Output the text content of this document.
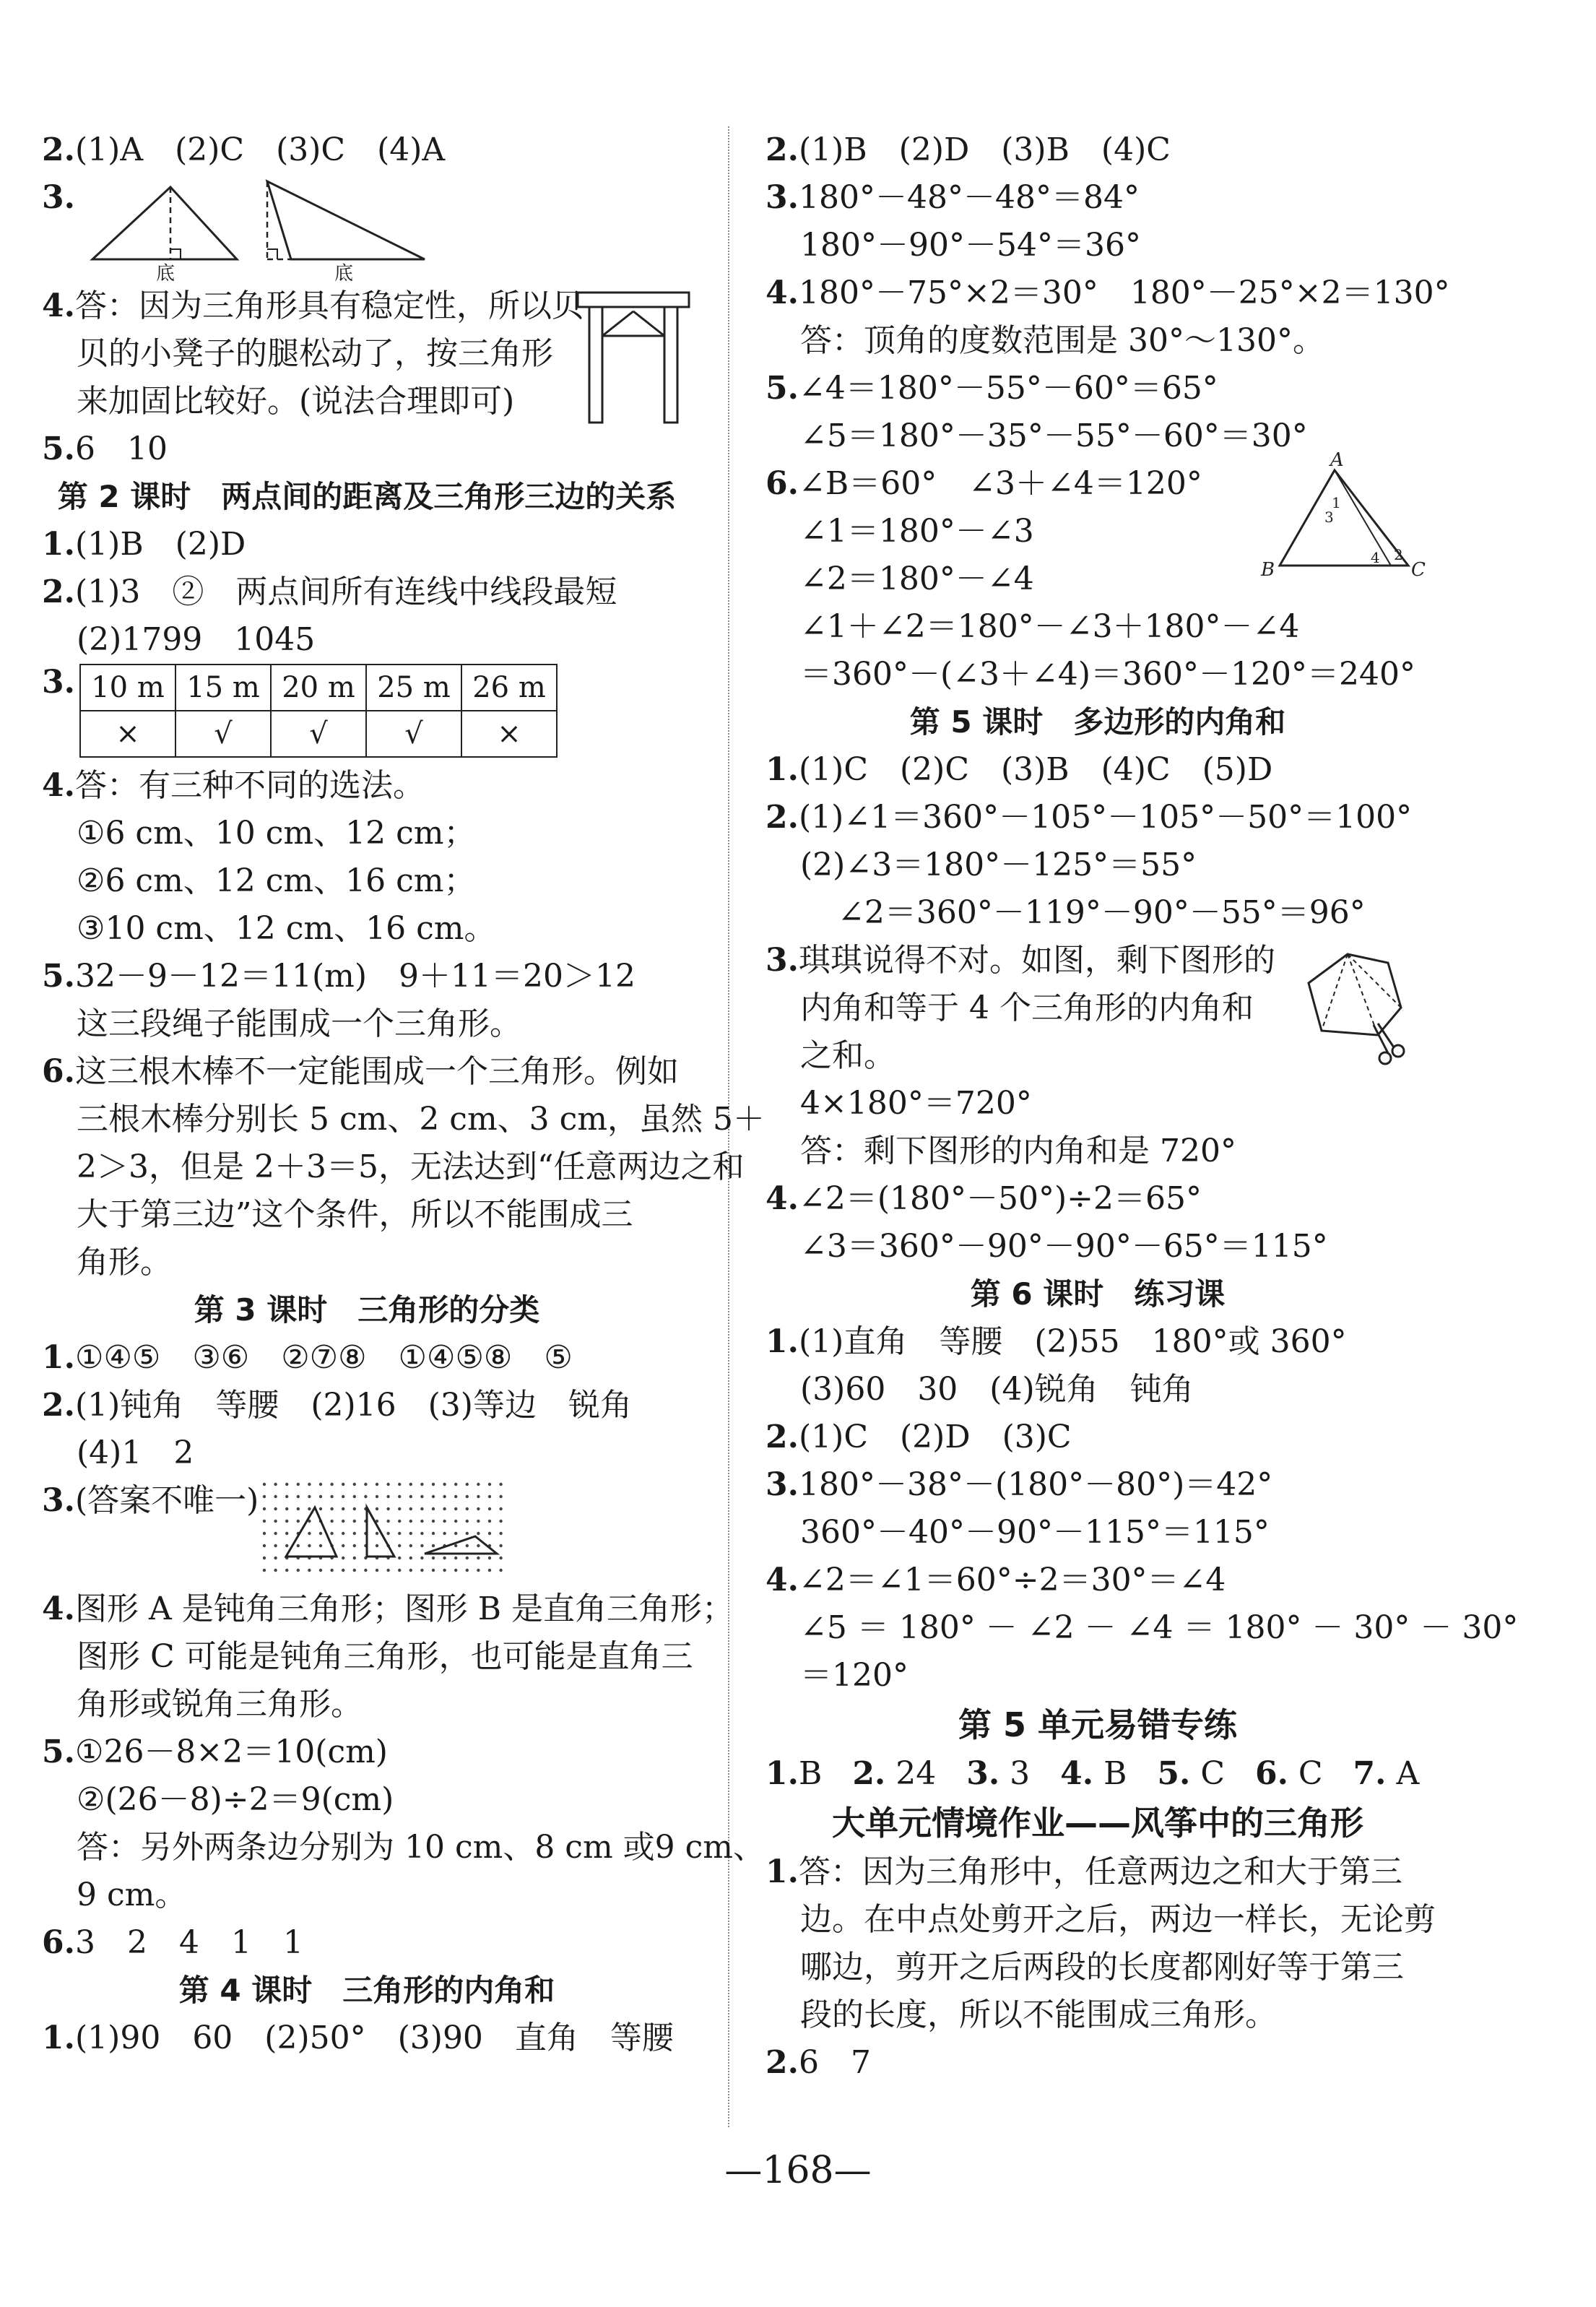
2.(1)A　(2)C　(3)C　(4)A
3.
底	底
4.答：因为三角形具有稳定性，所以贝
贝的小凳子的腿松动了，按三角形
来加固比较好。(说法合理即可)
5.6　10
第 2 课时　两点间的距离及三角形三边的关系
1.(1)B　(2)D
2.(1)3　②　两点间所有连线中线段最短
(2)1799　1045
3. 10 m	15 m	20 m	25 m	26 m
×	√	√	√	×
4.答：有三种不同的选法。
①6 cm、10 cm、12 cm；
②6 cm、12 cm、16 cm；
③10 cm、12 cm、16 cm。
5.32－9－12＝11(m)　9＋11＝20＞12
这三段绳子能围成一个三角形。
6.这三根木棒不一定能围成一个三角形。例如
三根木棒分别长 5 cm、2 cm、3 cm，虽然 5＋
2＞3，但是 2＋3＝5，无法达到“任意两边之和
大于第三边”这个条件，所以不能围成三
角形。
第 3 课时　三角形的分类
1.①④⑤　③⑥　②⑦⑧　①④⑤⑧　⑤
2.(1)钝角　等腰　(2)16　(3)等边　锐角
(4)1　2
3.(答案不唯一)
4.图形 A 是钝角三角形；图形 B 是直角三角形；
图形 C 可能是钝角三角形，也可能是直角三
角形或锐角三角形。
5.①26－8×2＝10(cm)
②(26－8)÷2＝9(cm)
答：另外两条边分别为 10 cm、8 cm 或9 cm、
9 cm。
6.3　2　4　1　1
第 4 课时　三角形的内角和
1.(1)90　60　(2)50°　(3)90　直角　等腰
2.(1)B　(2)D　(3)B　(4)C
3.180°－48°－48°＝84°
180°－90°－54°＝36°
4.180°－75°×2＝30°　180°－25°×2＝130°
答：顶角的度数范围是 30°～130°。
5.∠4＝180°－55°－60°＝65°
∠5＝180°－35°－55°－60°＝30°
6.∠B＝60°　∠3＋∠4＝120°
∠1＝180°－∠3
∠2＝180°－∠4
∠1＋∠2＝180°－∠3＋180°－∠4
＝360°－(∠3＋∠4)＝360°－120°＝240°
A
B	C
1
3
4 2
第 5 课时　多边形的内角和
1.(1)C　(2)C　(3)B　(4)C　(5)D
2.(1)∠1＝360°－105°－105°－50°＝100°
(2)∠3＝180°－125°＝55°
∠2＝360°－119°－90°－55°＝96°
3.琪琪说得不对。如图，剩下图形的
内角和等于 4 个三角形的内角和
之和。
4×180°＝720°
答：剩下图形的内角和是 720°
4.∠2＝(180°－50°)÷2＝65°
∠3＝360°－90°－90°－65°＝115°
第 6 课时　练习课
1.(1)直角　等腰　(2)55　180°或 360°
(3)60　30　(4)锐角　钝角
2.(1)C　(2)D　(3)C
3.180°－38°－(180°－80°)＝42°
360°－40°－90°－115°＝115°
4.∠2＝∠1＝60°÷2＝30°＝∠4
∠5 ＝ 180° － ∠2 － ∠4 ＝ 180° － 30° － 30°
＝120°
第 5 单元易错专练
1.B 2. 24 3. 3 4. B 5. C 6. C 7. A
大单元情境作业——风筝中的三角形
1.答：因为三角形中，任意两边之和大于第三
边。在中点处剪开之后，两边一样长，无论剪
哪边，剪开之后两段的长度都刚好等于第三
段的长度，所以不能围成三角形。
2.6　7
—168—
